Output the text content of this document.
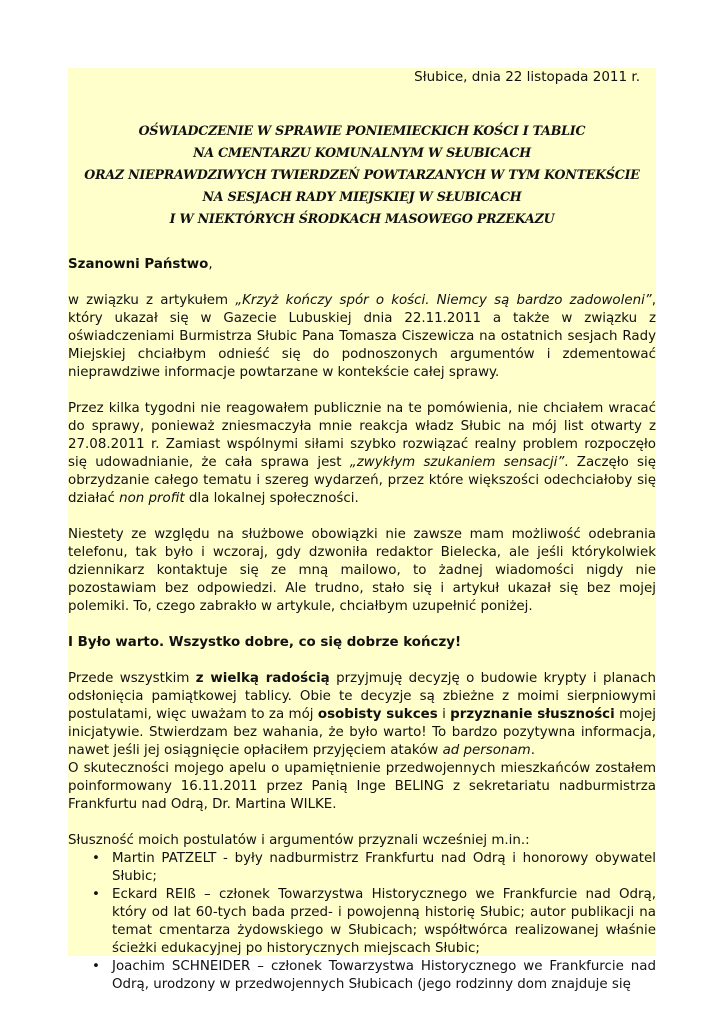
Słubice, dnia 22 listopada 2011 r.
OŚWIADCZENIE W SPRAWIE PONIEMIECKICH KOŚCI I TABLIC
NA CMENTARZU KOMUNALNYM W SŁUBICACH
ORAZ NIEPRAWDZIWYCH TWIERDZEŃ POWTARZANYCH W TYM KONTEKŚCIE
NA SESJACH RADY MIEJSKIEJ W SŁUBICACH
I W NIEKTÓRYCH ŚRODKACH MASOWEGO PRZEKAZU
Szanowni Państwo,

w związku z artykułem „Krzyż kończy spór o kości. Niemcy są bardzo zadowoleni”, który ukazał się w Gazecie Lubuskiej dnia 22.11.2011 a także w związku z oświadczeniami Burmistrza Słubic Pana Tomasza Ciszewicza na ostatnich sesjach Rady Miejskiej chciałbym odnieść się do podnoszonych argumentów i zdementować nieprawdziwe informacje powtarzane w kontekście całej sprawy.

Przez kilka tygodni nie reagowałem publicznie na te pomówienia, nie chciałem wracać do sprawy, ponieważ zniesmaczyła mnie reakcja władz Słubic na mój list otwarty z 27.08.2011 r. Zamiast wspólnymi siłami szybko rozwiązać realny problem rozpoczęło się udowadnianie, że cała sprawa jest „zwykłym szukaniem sensacji”. Zaczęło się obrzydzanie całego tematu i szereg wydarzeń, przez które większości odechciałoby się działać non profit dla lokalnej społeczności.

Niestety ze względu na służbowe obowiązki nie zawsze mam możliwość odebrania telefonu, tak było i wczoraj, gdy dzwoniła redaktor Bielecka, ale jeśli którykolwiek dziennikarz kontaktuje się ze mną mailowo, to żadnej wiadomości nigdy nie pozostawiam bez odpowiedzi. Ale trudno, stało się i artykuł ukazał się bez mojej polemiki. To, czego zabrakło w artykule, chciałbym uzupełnić poniżej.

I Było warto. Wszystko dobre, co się dobrze kończy!

Przede wszystkim z wielką radością przyjmuję decyzję o budowie krypty i planach odsłonięcia pamiątkowej tablicy. Obie te decyzje są zbieżne z moimi sierpniowymi postulatami, więc uważam to za mój osobisty sukces i przyznanie słuszności mojej inicjatywie. Stwierdzam bez wahania, że było warto! To bardzo pozytywna informacja, nawet jeśli jej osiągnięcie opłaciłem przyjęciem ataków ad personam.

O skuteczności mojego apelu o upamiętnienie przedwojennych mieszkańców zostałem poinformowany 16.11.2011 przez Panią Inge BELING z sekretariatu nadburmistrza Frankfurtu nad Odrą, Dr. Martina WILKE.

Słuszność moich postulatów i argumentów przyznali wcześniej m.in.:

• Martin PATZELT - były nadburmistrz Frankfurtu nad Odrą i honorowy obywatel Słubic;
• Eckard REIß – członek Towarzystwa Historycznego we Frankfurcie nad Odrą, który od lat 60-tych bada przed- i powojenną historię Słubic; autor publikacji na temat cmentarza żydowskiego w Słubicach; współtwórca realizowanej właśnie ścieżki edukacyjnej po historycznych miejscach Słubic;
• Joachim SCHNEIDER – członek Towarzystwa Historycznego we Frankfurcie nad Odrą, urodzony w przedwojennych Słubicach (jego rodzinny dom znajduje się
